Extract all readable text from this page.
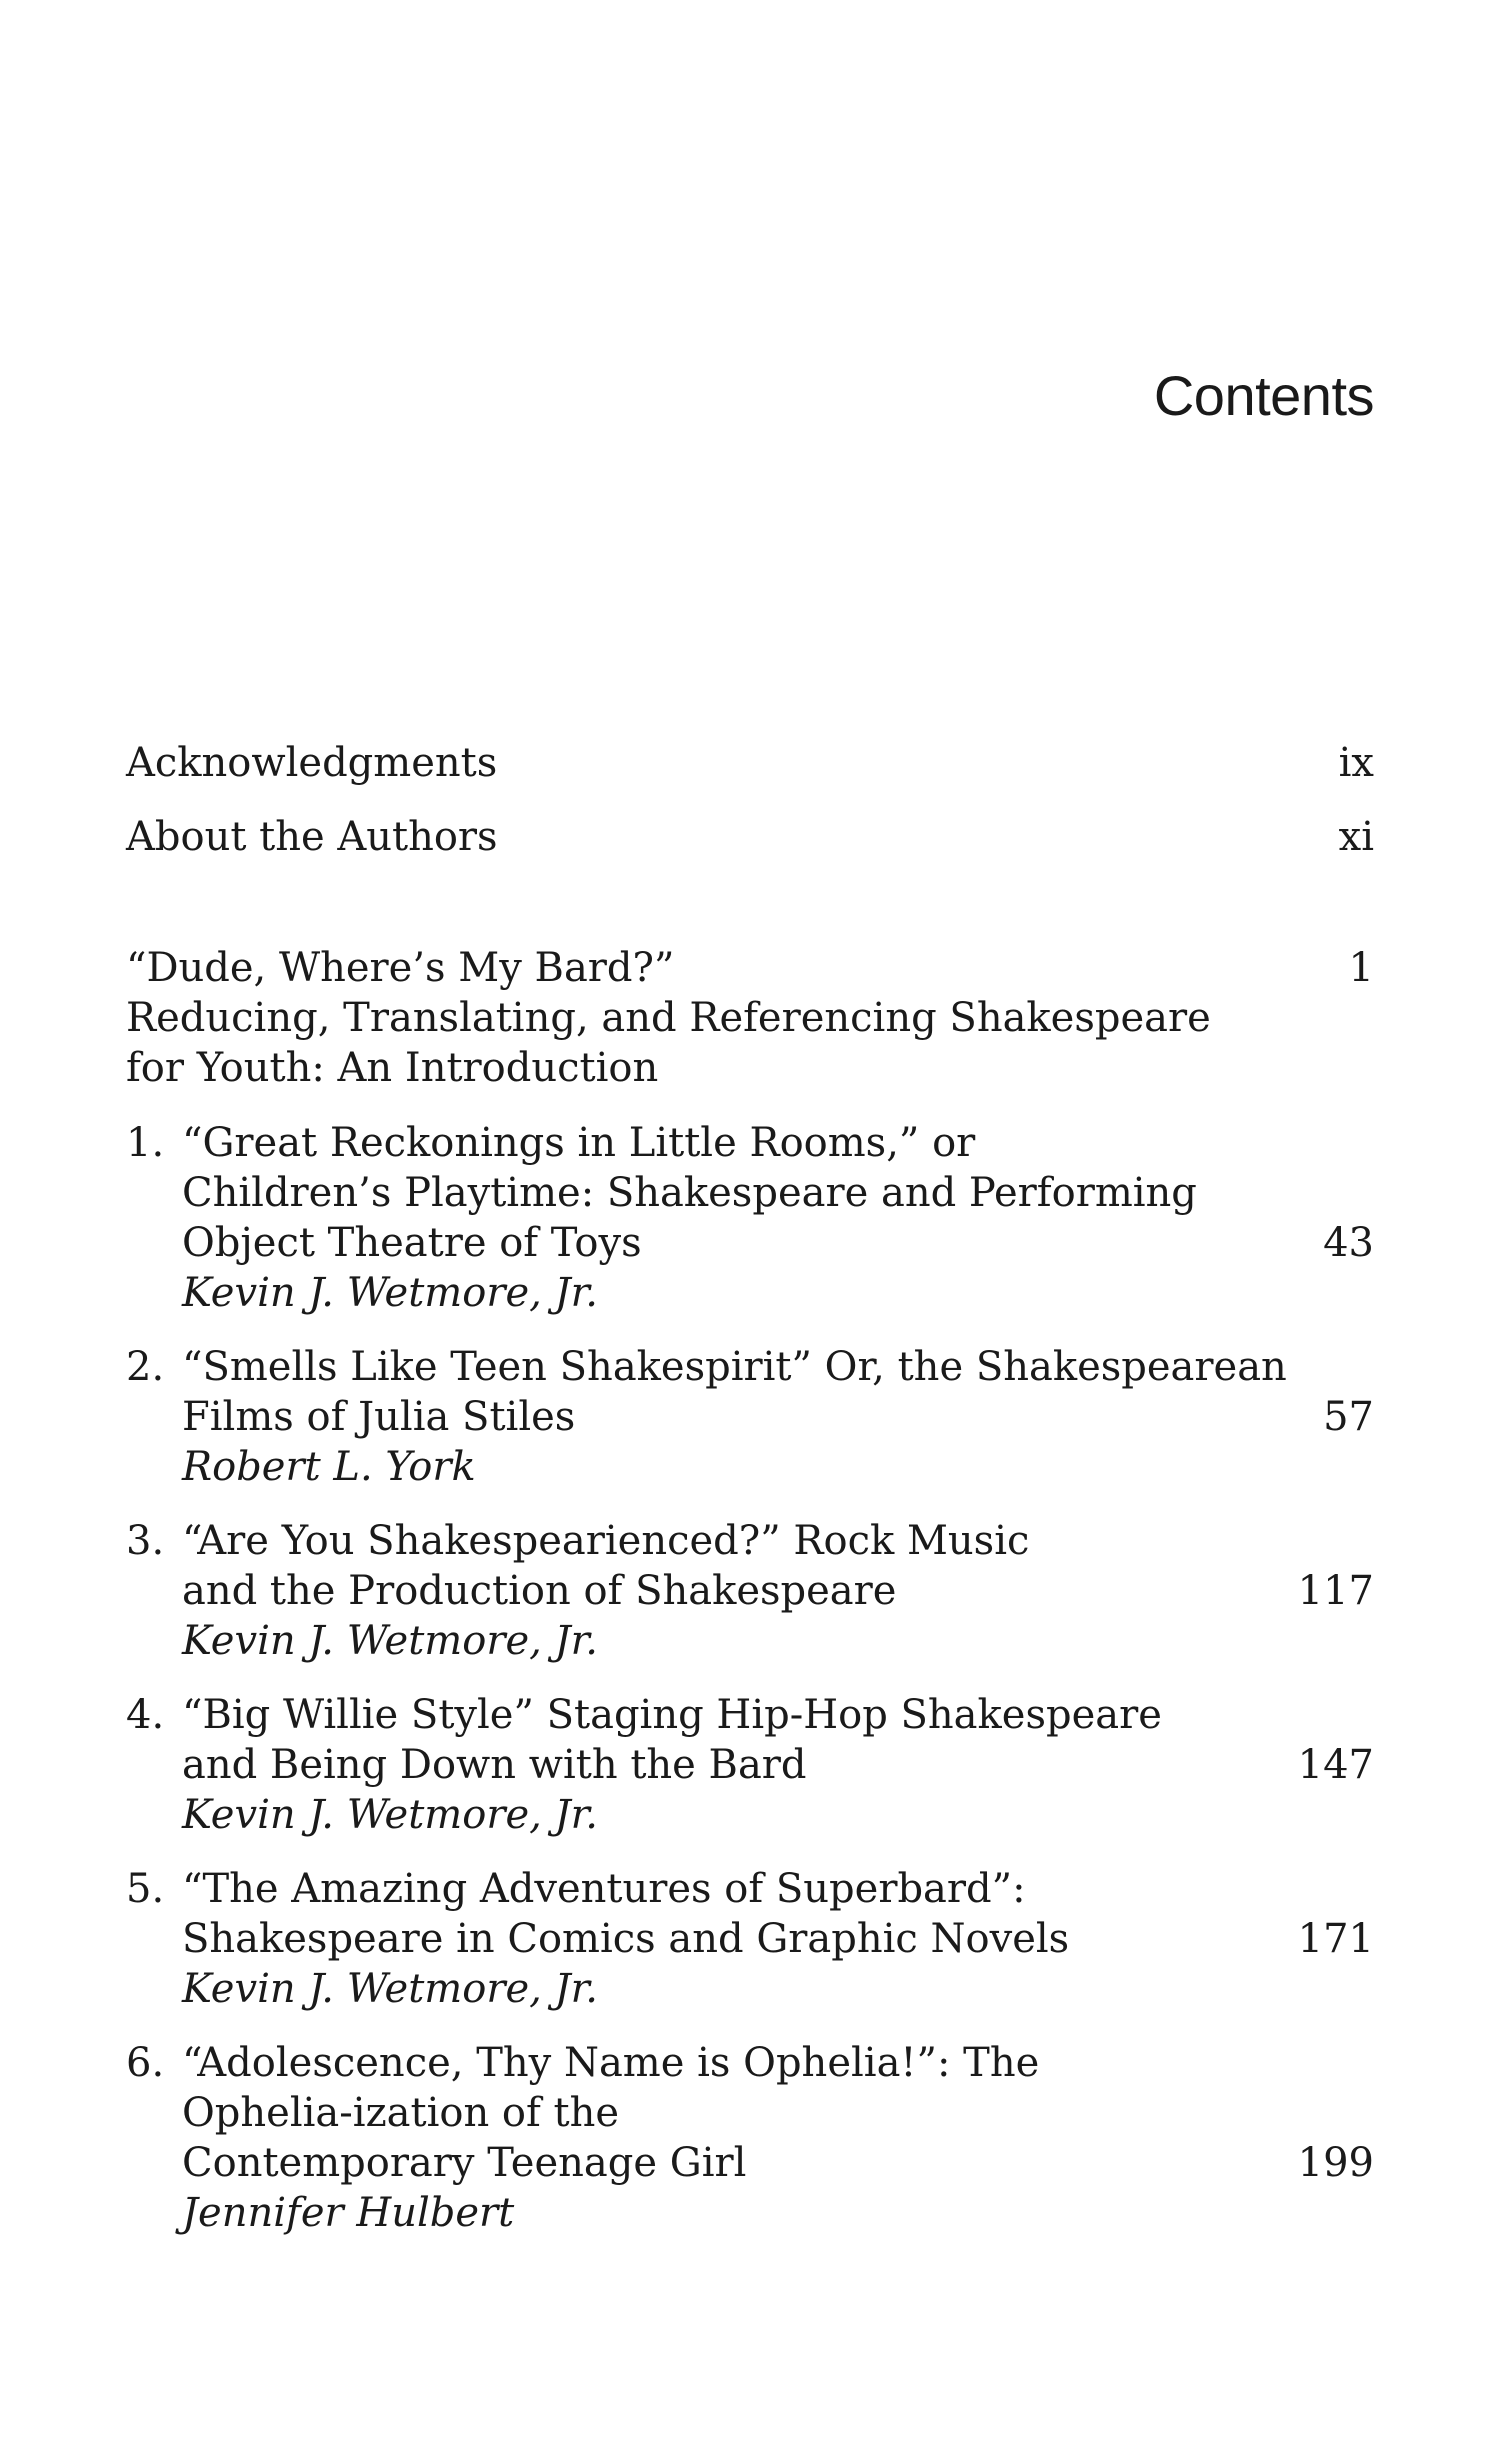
Contents
Acknowledgments	ix
About the Authors	xi
“Dude, Where’s My Bard?”
Reducing, Translating, and Referencing Shakespeare
for Youth: An Introduction
1
1. “Great Reckonings in Little Rooms,” or
Children’s Playtime: Shakespeare and Performing
Object Theatre of Toys
Kevin J. Wetmore, Jr.
43
2. “Smells Like Teen Shakespirit” Or, the Shakespearean
Films of Julia Stiles
Robert L. York
57
3. “Are You Shakespearienced?” Rock Music
and the Production of Shakespeare
Kevin J. Wetmore, Jr.
117
4. “Big Willie Style” Staging Hip-Hop Shakespeare
and Being Down with the Bard
Kevin J. Wetmore, Jr.
147
5. “The Amazing Adventures of Superbard”:
Shakespeare in Comics and Graphic Novels
Kevin J. Wetmore, Jr.
171
6. “Adolescence, Thy Name is Ophelia!”: The
Ophelia-ization of the
Contemporary Teenage Girl
Jennifer Hulbert
199
